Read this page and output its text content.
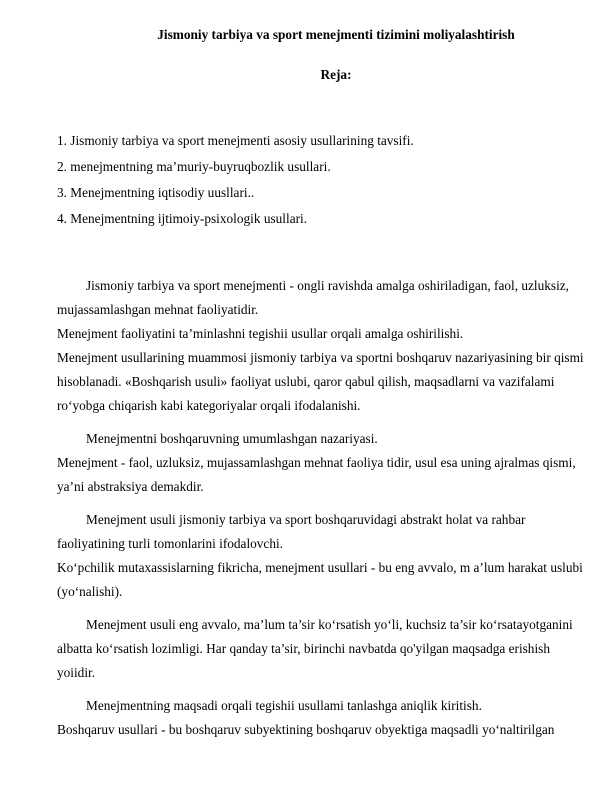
Jismoniy tarbiya va sport menejmenti tizimini moliyalashtirish
Reja:
1. Jismoniy tarbiya va sport menejmenti asosiy usullarining tavsifi.
2. menejmentning ma’muriy-buyruqbozlik usullari.
3. Menejmentning iqtisodiy uusllari..
4. Menejmentning ijtimoiy-psixologik usullari.

Jismoniy tarbiya va sport menejmenti - ongli ravishda amalga oshiriladigan, faol, uzluksiz, mujassamlashgan mehnat faoliyatidir.

Menejment faoliyatini ta’minlashni tegishii usullar orqali amalga oshirilishi.

Menejment usullarining muammosi jismoniy tarbiya va sportni boshqaruv nazariyasining bir qismi hisoblanadi. «Boshqarish usuli» faoliyat uslubi, qaror qabul qilish, maqsadlarni va vazifalami ro‘yobga chiqarish kabi kategoriyalar orqali ifodalanishi.

Menejmentni boshqaruvning umumlashgan nazariyasi.

Menejment - faol, uzluksiz, mujassamlashgan mehnat faoliya tidir, usul esa uning ajralmas qismi, ya’ni abstraksiya demakdir.

Menejment usuli jismoniy tarbiya va sport boshqaruvidagi abstrakt holat va rahbar faoliyatining turli tomonlarini ifodalovchi.

Ko‘pchilik mutaxassislarning fikricha, menejment usullari - bu eng avvalo, m a’lum harakat uslubi (yo‘nalishi).

Menejment usuli eng avvalo, ma’lum ta’sir ko‘rsatish yo‘li, kuchsiz ta’sir ko‘rsatayotganini albatta ko‘rsatish lozimligi. Har qanday ta’sir, birinchi navbatda qo'yilgan maqsadga erishish yoiidir.

Menejmentning maqsadi orqali tegishii usullami tanlashga aniqlik kiritish.

Boshqaruv usullari - bu boshqaruv subyektining boshqaruv obyektiga maqsadli yo‘naltirilgan
